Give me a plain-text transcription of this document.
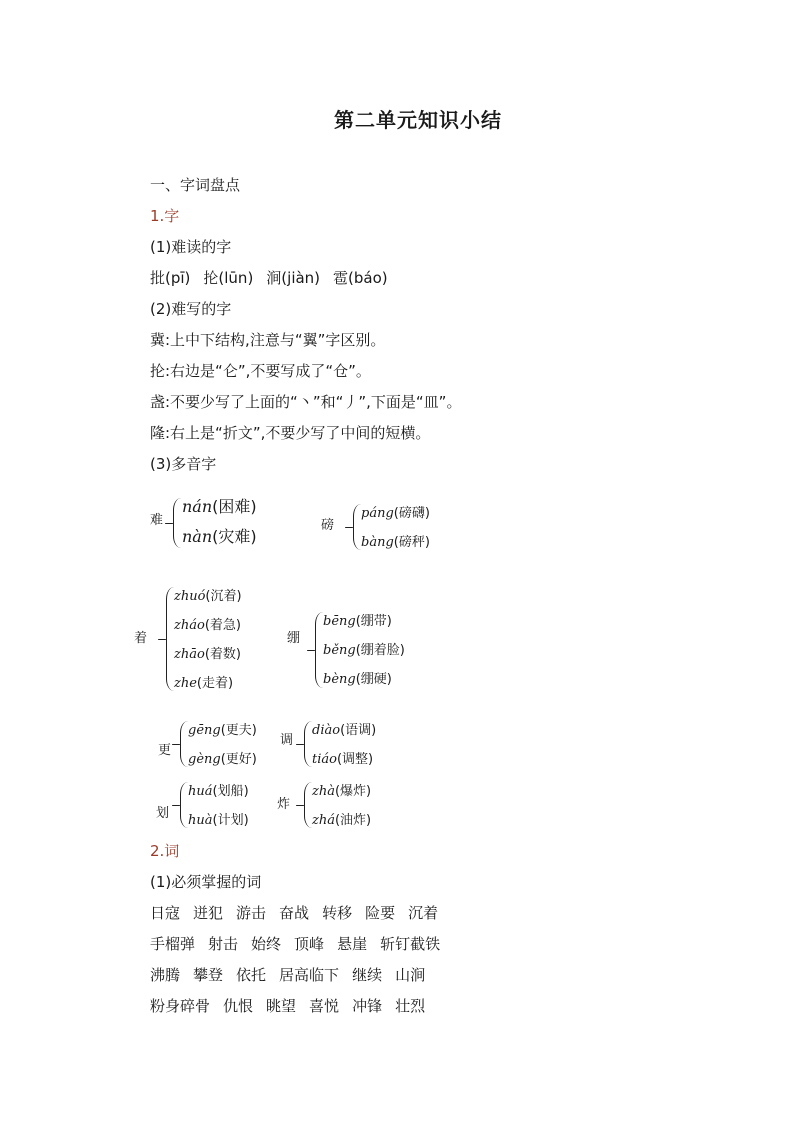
第二单元知识小结
一、字词盘点
1.字
(1)难读的字
批(pī) 抡(lūn) 涧(jiàn) 雹(báo)
(2)难写的字
冀:上中下结构,注意与“翼”字区别。
抡:右边是“仑”,不要写成了“仓”。
盏:不要少写了上面的“丶”和“丿”,下面是“皿”。
隆:右上是“折文”,不要少写了中间的短横。
(3)多音字
难
nán(困难)
nàn(灾难)
磅
páng(磅礴)
bàng(磅秤)
着
zhuó(沉着)
zháo(着急)
zhāo(着数)
zhe(走着)
绷
bēng(绷带)
běng(绷着脸)
bèng(绷硬)
更
gēng(更夫)
gèng(更好)
调
diào(语调)
tiáo(调整)
划
huá(划船)
huà(计划)
炸
zhà(爆炸)
zhá(油炸)
2.词
(1)必须掌握的词
日寇 迸犯 游击 奋战 转移 险要 沉着
手榴弹 射击 始终 顶峰 悬崖 斩钉截铁
沸腾 攀登 依托 居高临下 继续 山涧
粉身碎骨 仇恨 眺望 喜悦 冲锋 壮烈
